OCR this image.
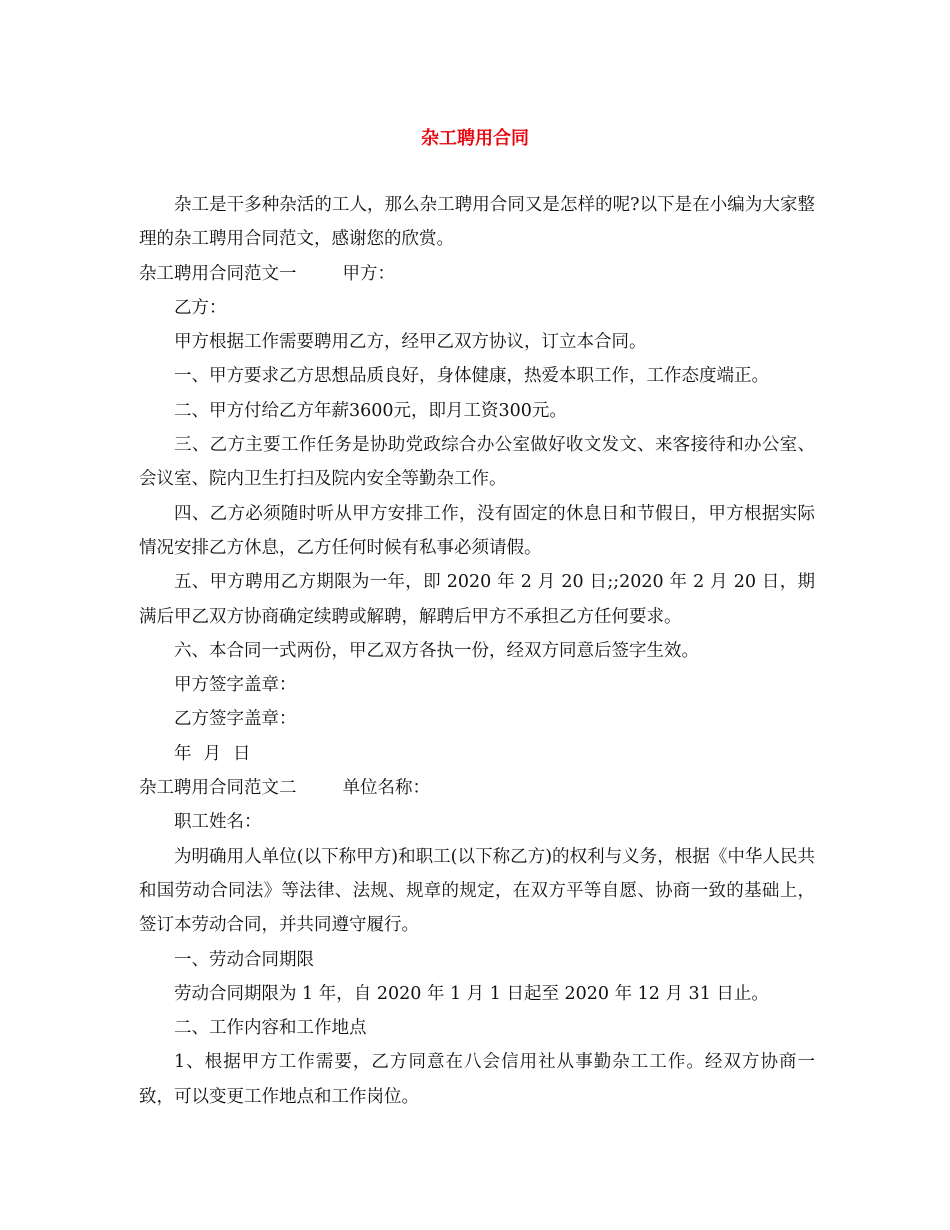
杂工聘用合同

杂工是干多种杂活的工人，那么杂工聘用合同又是怎样的呢?以下是在小编为大家整理的杂工聘用合同范文，感谢您的欣赏。

杂工聘用合同范文一	甲方：

乙方：

甲方根据工作需要聘用乙方，经甲乙双方协议，订立本合同。

一、甲方要求乙方思想品质良好，身体健康，热爱本职工作，工作态度端正。

二、甲方付给乙方年薪3600元，即月工资300元。

三、乙方主要工作任务是协助党政综合办公室做好收文发文、来客接待和办公室、会议室、院内卫生打扫及院内安全等勤杂工作。

四、乙方必须随时听从甲方安排工作，没有固定的休息日和节假日，甲方根据实际情况安排乙方休息，乙方任何时候有私事必须请假。

五、甲方聘用乙方期限为一年，即 2020 年 2 月 20 日;;2020 年 2 月 20 日，期满后甲乙双方协商确定续聘或解聘，解聘后甲方不承担乙方任何要求。

六、本合同一式两份，甲乙双方各执一份，经双方同意后签字生效。

甲方签字盖章：

乙方签字盖章：

年 月 日

杂工聘用合同范文二	单位名称：

职工姓名：

为明确用人单位(以下称甲方)和职工(以下称乙方)的权利与义务，根据《中华人民共和国劳动合同法》等法律、法规、规章的规定，在双方平等自愿、协商一致的基础上，签订本劳动合同，并共同遵守履行。

一、劳动合同期限

劳动合同期限为 1 年，自 2020 年 1 月 1 日起至 2020 年 12 月 31 日止。

二、工作内容和工作地点

1、根据甲方工作需要，乙方同意在八会信用社从事勤杂工工作。经双方协商一致，可以变更工作地点和工作岗位。
